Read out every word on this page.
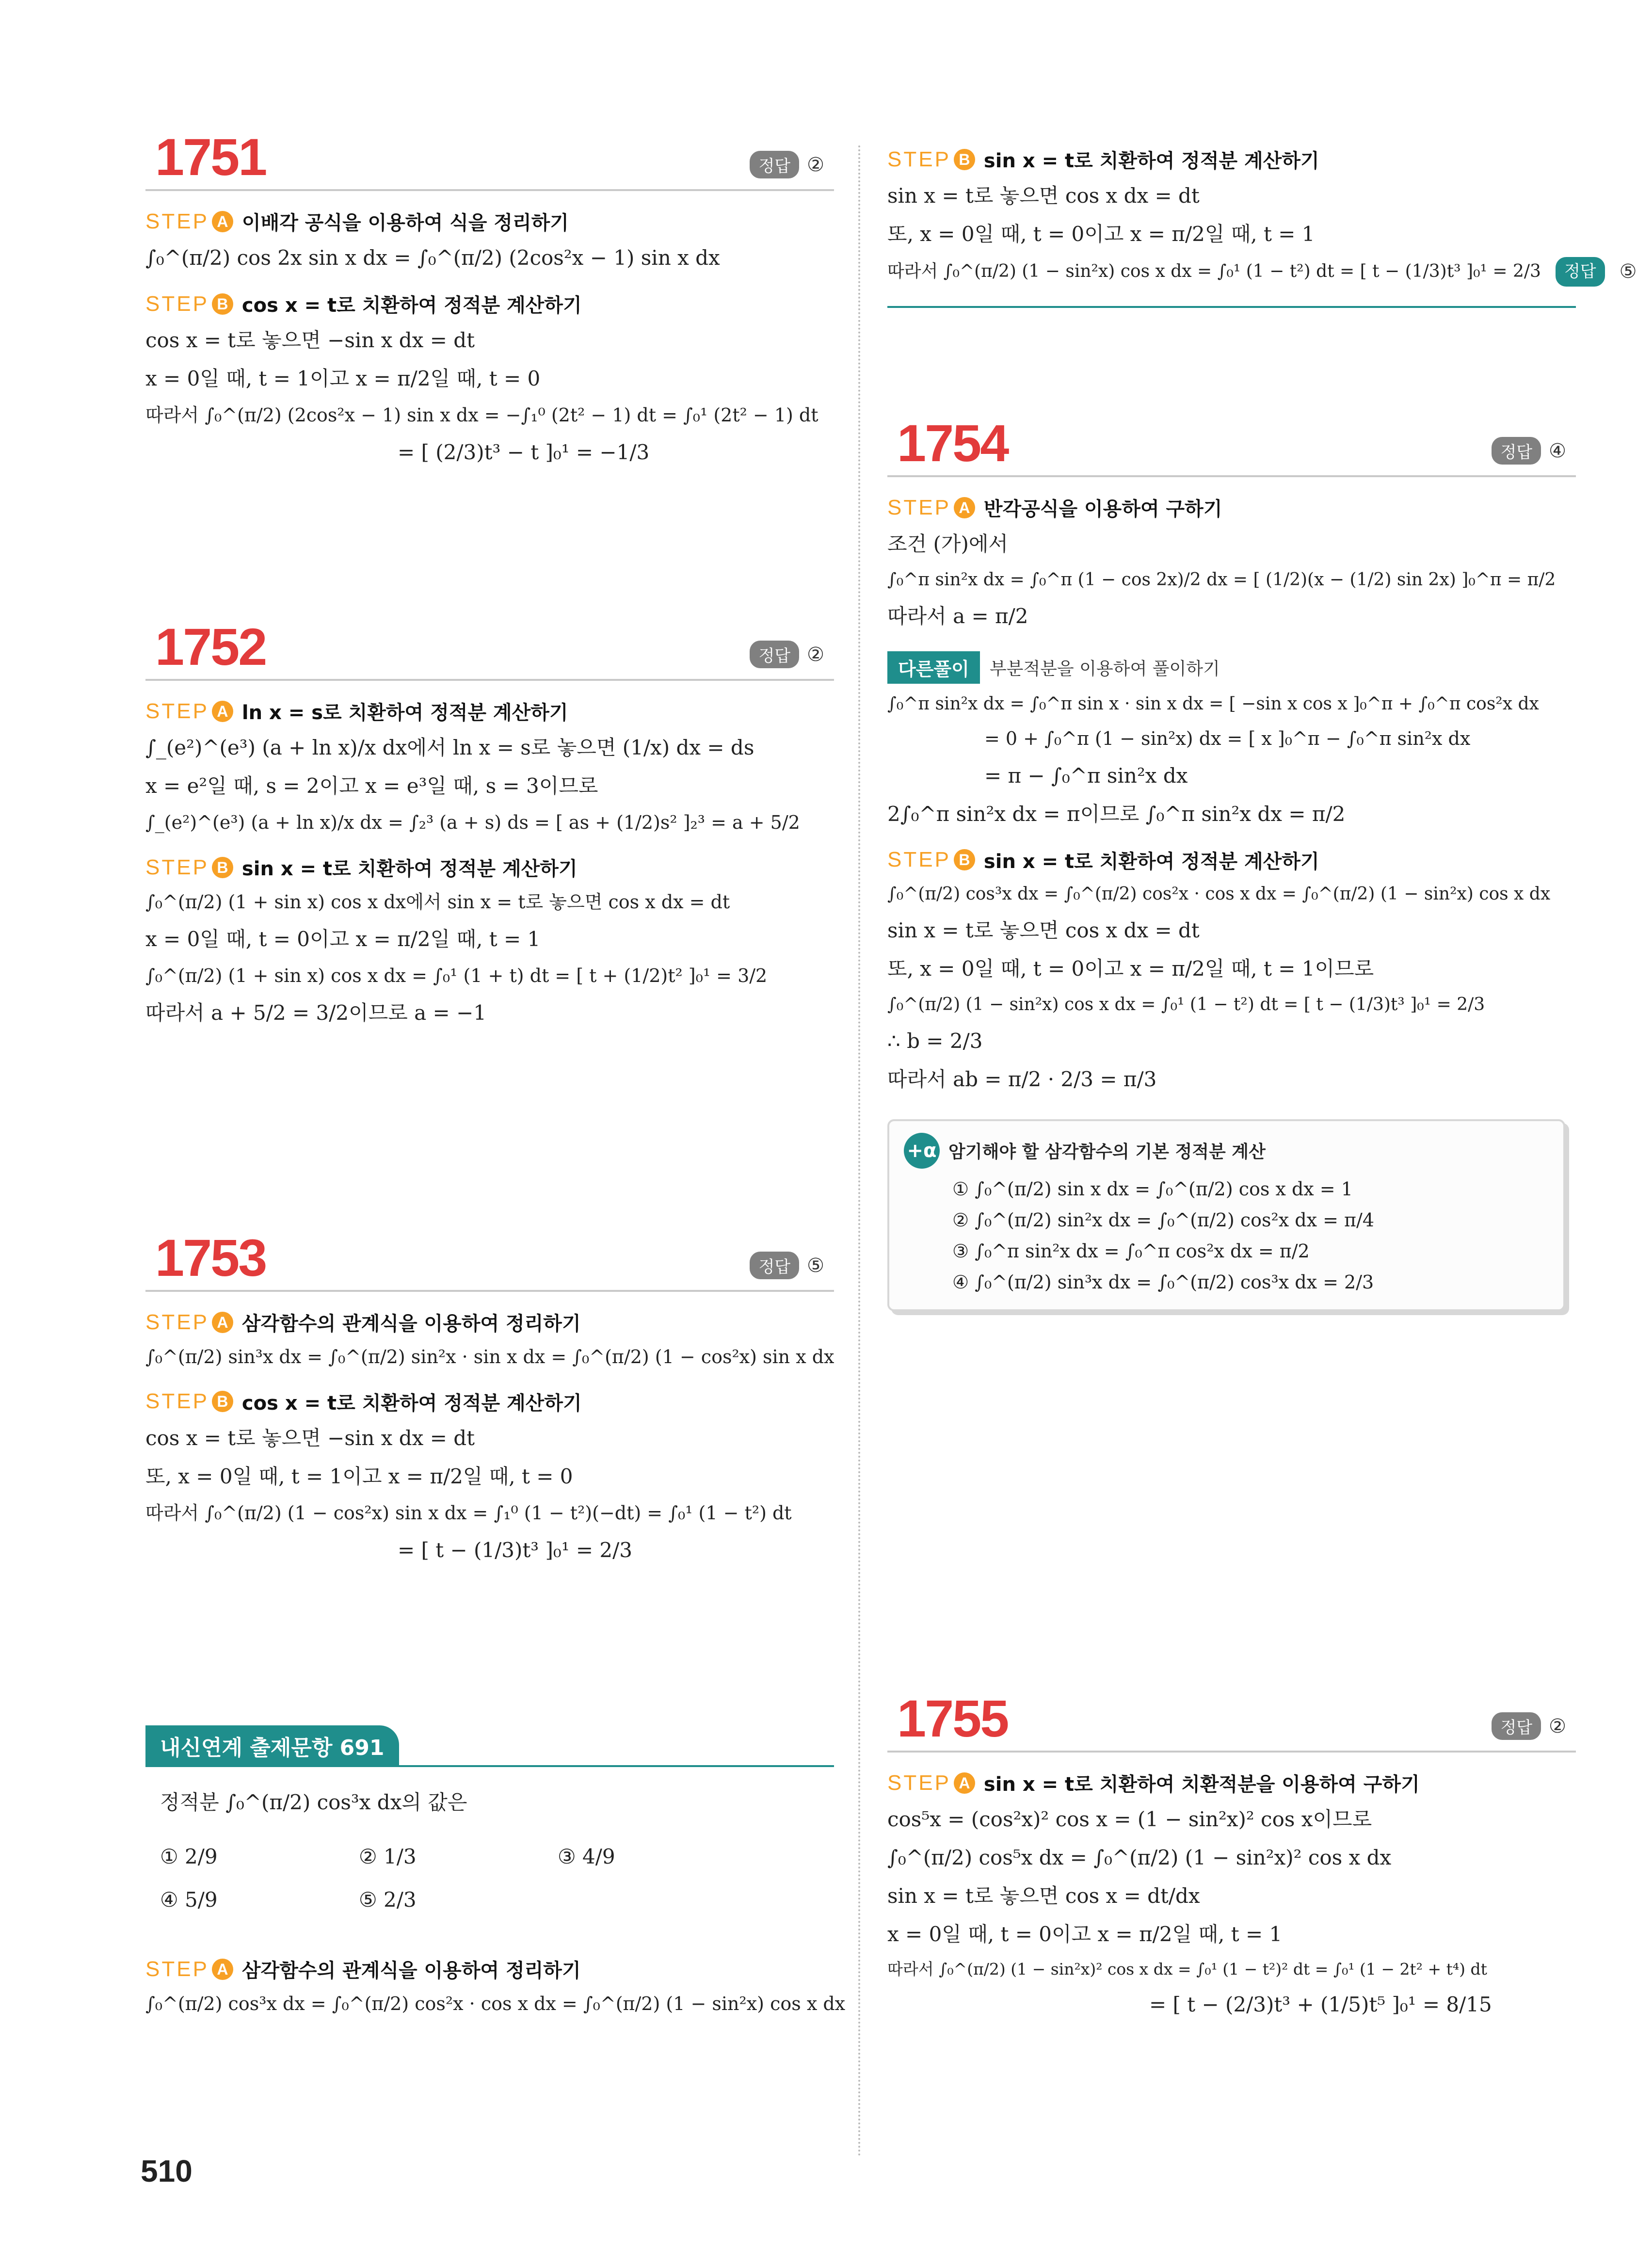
1751	정답 ②
STEP A 이배각 공식을 이용하여 식을 정리하기
∫₀^(π/2) cos 2x sin x dx = ∫₀^(π/2) (2cos²x − 1) sin x dx
STEP B cos x = t로 치환하여 정적분 계산하기
cos x = t로 놓으면 −sin x dx = dt
x = 0일 때, t = 1이고 x = π/2일 때, t = 0
따라서 ∫₀^(π/2) (2cos²x − 1) sin x dx = −∫₁⁰ (2t² − 1) dt = ∫₀¹ (2t² − 1) dt
= [ (2/3)t³ − t ]₀¹ = −1/3
1752	정답 ②
STEP A ln x = s로 치환하여 정적분 계산하기
∫_(e²)^(e³) (a + ln x)/x dx에서 ln x = s로 놓으면 (1/x) dx = ds
x = e²일 때, s = 2이고 x = e³일 때, s = 3이므로
∫_(e²)^(e³) (a + ln x)/x dx = ∫₂³ (a + s) ds = [ as + (1/2)s² ]₂³ = a + 5/2
STEP B sin x = t로 치환하여 정적분 계산하기
∫₀^(π/2) (1 + sin x) cos x dx에서 sin x = t로 놓으면 cos x dx = dt
x = 0일 때, t = 0이고 x = π/2일 때, t = 1
∫₀^(π/2) (1 + sin x) cos x dx = ∫₀¹ (1 + t) dt = [ t + (1/2)t² ]₀¹ = 3/2
따라서 a + 5/2 = 3/2이므로 a = −1
1753	정답 ⑤
STEP A 삼각함수의 관계식을 이용하여 정리하기
∫₀^(π/2) sin³x dx = ∫₀^(π/2) sin²x · sin x dx = ∫₀^(π/2) (1 − cos²x) sin x dx
STEP B cos x = t로 치환하여 정적분 계산하기
cos x = t로 놓으면 −sin x dx = dt
또, x = 0일 때, t = 1이고 x = π/2일 때, t = 0
따라서 ∫₀^(π/2) (1 − cos²x) sin x dx = ∫₁⁰ (1 − t²)(−dt) = ∫₀¹ (1 − t²) dt
= [ t − (1/3)t³ ]₀¹ = 2/3
내신연계 출제문항 691
정적분 ∫₀^(π/2) cos³x dx의 값은
① 2/9	② 1/3	③ 4/9
④ 5/9	⑤ 2/3
STEP A 삼각함수의 관계식을 이용하여 정리하기
∫₀^(π/2) cos³x dx = ∫₀^(π/2) cos²x · cos x dx = ∫₀^(π/2) (1 − sin²x) cos x dx
STEP B sin x = t로 치환하여 정적분 계산하기
sin x = t로 놓으면 cos x dx = dt
또, x = 0일 때, t = 0이고 x = π/2일 때, t = 1
따라서 ∫₀^(π/2) (1 − sin²x) cos x dx = ∫₀¹ (1 − t²) dt = [ t − (1/3)t³ ]₀¹ = 2/3	정답	⑤
1754	정답 ④
STEP A 반각공식을 이용하여 구하기
조건 (가)에서
∫₀^π sin²x dx = ∫₀^π (1 − cos 2x)/2 dx = [ (1/2)(x − (1/2) sin 2x) ]₀^π = π/2
따라서 a = π/2
다른풀이	부분적분을 이용하여 풀이하기
∫₀^π sin²x dx = ∫₀^π sin x · sin x dx = [ −sin x cos x ]₀^π + ∫₀^π cos²x dx
= 0 + ∫₀^π (1 − sin²x) dx = [ x ]₀^π − ∫₀^π sin²x dx
= π − ∫₀^π sin²x dx
2∫₀^π sin²x dx = π이므로 ∫₀^π sin²x dx = π/2
STEP B sin x = t로 치환하여 정적분 계산하기
∫₀^(π/2) cos³x dx = ∫₀^(π/2) cos²x · cos x dx = ∫₀^(π/2) (1 − sin²x) cos x dx
sin x = t로 놓으면 cos x dx = dt
또, x = 0일 때, t = 0이고 x = π/2일 때, t = 1이므로
∫₀^(π/2) (1 − sin²x) cos x dx = ∫₀¹ (1 − t²) dt = [ t − (1/3)t³ ]₀¹ = 2/3
∴ b = 2/3
따라서 ab = π/2 · 2/3 = π/3
+α 암기해야 할 삼각함수의 기본 정적분 계산
① ∫₀^(π/2) sin x dx = ∫₀^(π/2) cos x dx = 1
② ∫₀^(π/2) sin²x dx = ∫₀^(π/2) cos²x dx = π/4
③ ∫₀^π sin²x dx = ∫₀^π cos²x dx = π/2
④ ∫₀^(π/2) sin³x dx = ∫₀^(π/2) cos³x dx = 2/3
1755	정답 ②
STEP A sin x = t로 치환하여 치환적분을 이용하여 구하기
cos⁵x = (cos²x)² cos x = (1 − sin²x)² cos x이므로
∫₀^(π/2) cos⁵x dx = ∫₀^(π/2) (1 − sin²x)² cos x dx
sin x = t로 놓으면 cos x = dt/dx
x = 0일 때, t = 0이고 x = π/2일 때, t = 1
따라서 ∫₀^(π/2) (1 − sin²x)² cos x dx = ∫₀¹ (1 − t²)² dt = ∫₀¹ (1 − 2t² + t⁴) dt
= [ t − (2/3)t³ + (1/5)t⁵ ]₀¹ = 8/15
510
